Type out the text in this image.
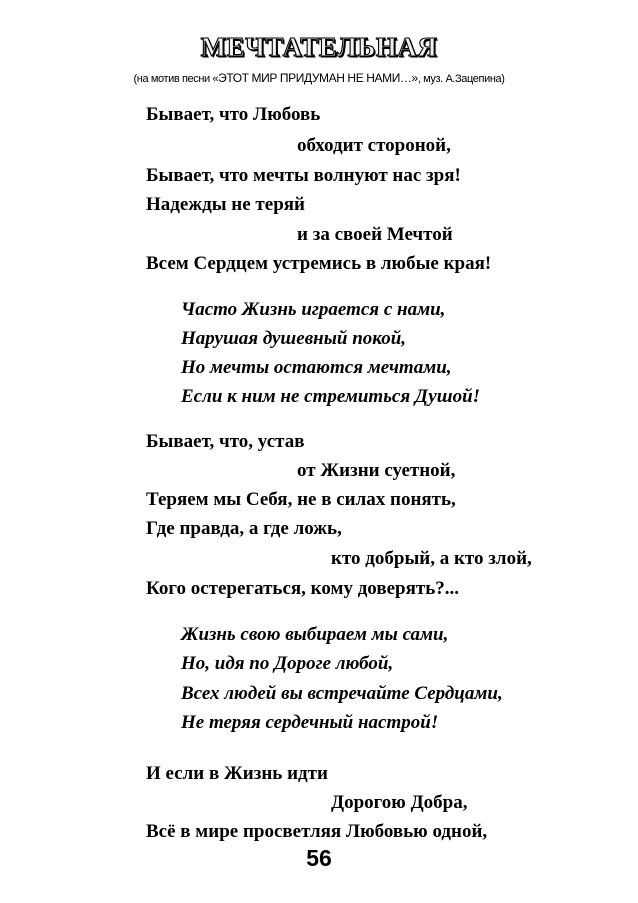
МЕЧТАТЕЛЬНАЯ
(на мотив песни «ЭТОТ МИР ПРИДУМАН НЕ НАМИ…», муз. А.Зацепина)
Бывает, что Любовь
обходит стороной,
Бывает, что мечты волнуют нас зря!
Надежды не теряй
и за своей Мечтой
Всем Сердцем устремись в любые края!
Часто Жизнь играется с нами,
Нарушая душевный покой,
Но мечты остаются мечтами,
Если к ним не стремиться Душой!
Бывает, что, устав
от Жизни суетной,
Теряем мы Себя, не в силах понять,
Где правда, а где ложь,
кто добрый, а кто злой,
Кого остерегаться, кому доверять?...
Жизнь свою выбираем мы сами,
Но, идя по Дороге любой,
Всех людей вы встречайте Сердцами,
Не теряя сердечный настрой!
И если в Жизнь идти
Дорогою Добра,
Всё в мире просветляя Любовью одной,
56
